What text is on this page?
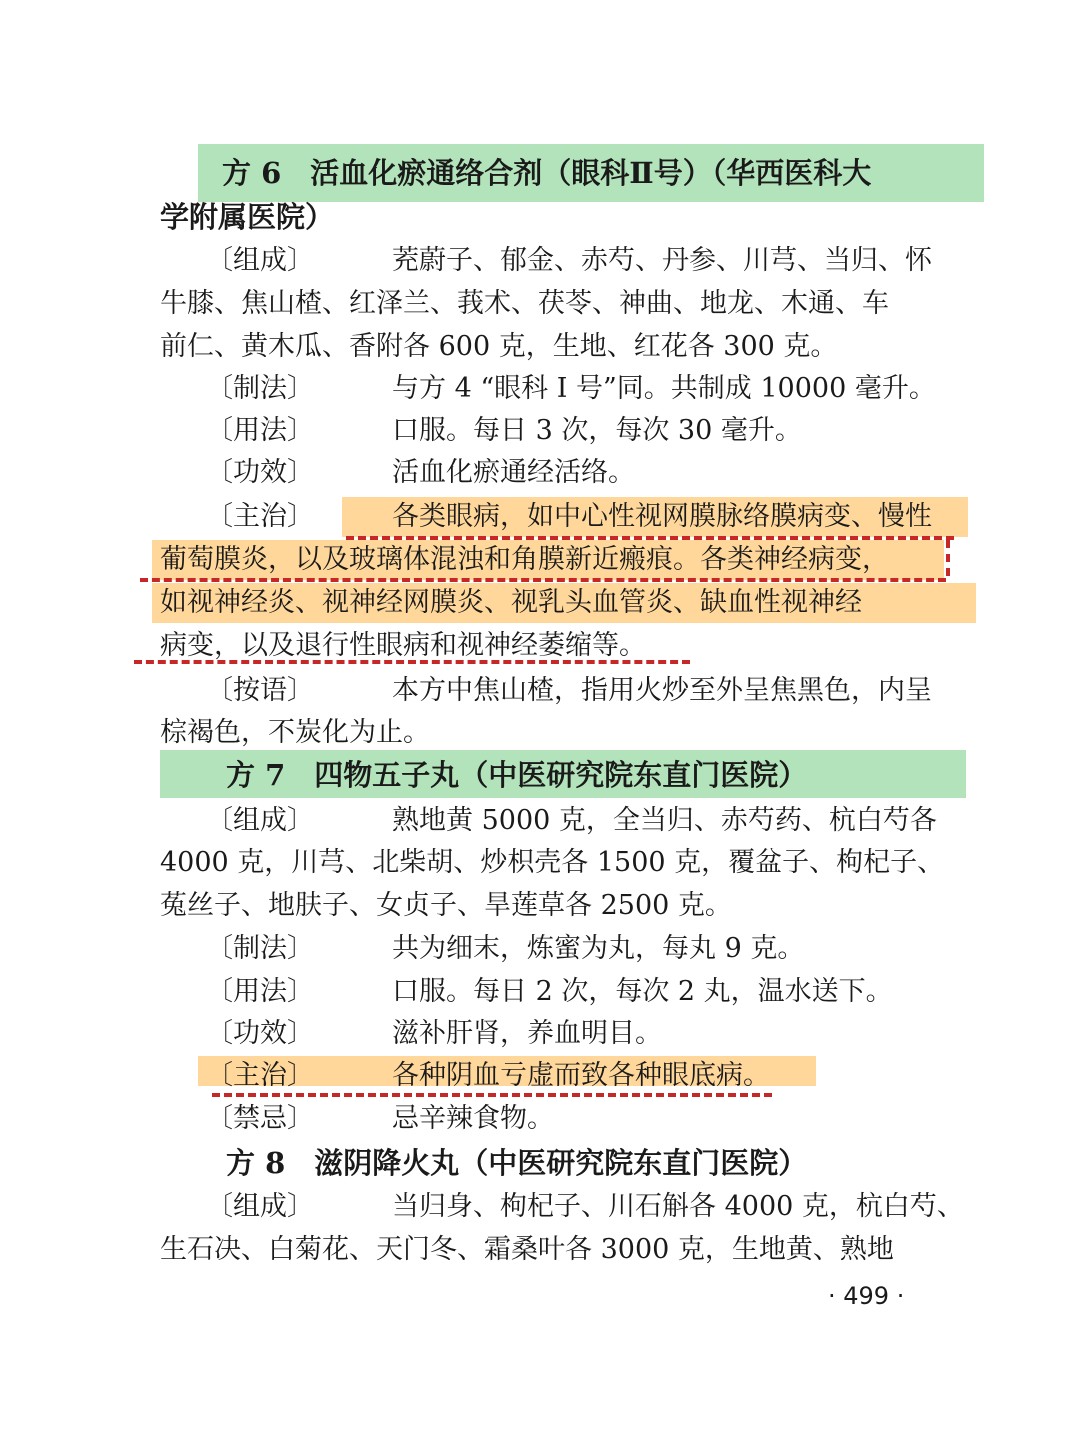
方 6　活血化瘀通络合剂（眼科Ⅱ号）（华西医科大
学附属医院）
〔组成〕	茺蔚子、郁金、赤芍、丹参、川芎、当归、怀
牛膝、焦山楂、红泽兰、莪术、茯苓、神曲、地龙、木通、车
前仁、黄木瓜、香附各 600 克，生地、红花各 300 克。
〔制法〕	与方 4 “眼科 I 号”同。共制成 10000 毫升。
〔用法〕	口服。每日 3 次，每次 30 毫升。
〔功效〕	活血化瘀通经活络。
〔主治〕	各类眼病，如中心性视网膜脉络膜病变、慢性
葡萄膜炎，以及玻璃体混浊和角膜新近瘢痕。各类神经病变，
如视神经炎、视神经网膜炎、视乳头血管炎、缺血性视神经
病变，以及退行性眼病和视神经萎缩等。
〔按语〕	本方中焦山楂，指用火炒至外呈焦黑色，内呈
棕褐色，不炭化为止。
方 7　四物五子丸（中医研究院东直门医院）
〔组成〕	熟地黄 5000 克，全当归、赤芍药、杭白芍各
4000 克，川芎、北柴胡、炒枳壳各 1500 克，覆盆子、枸杞子、
菟丝子、地肤子、女贞子、旱莲草各 2500 克。
〔制法〕	共为细末，炼蜜为丸，每丸 9 克。
〔用法〕	口服。每日 2 次，每次 2 丸，温水送下。
〔功效〕	滋补肝肾，养血明目。
〔主治〕	各种阴血亏虚而致各种眼底病。
〔禁忌〕	忌辛辣食物。
方 8　滋阴降火丸（中医研究院东直门医院）
〔组成〕	当归身、枸杞子、川石斛各 4000 克，杭白芍、
生石决、白菊花、天门冬、霜桑叶各 3000 克，生地黄、熟地
· 499 ·
